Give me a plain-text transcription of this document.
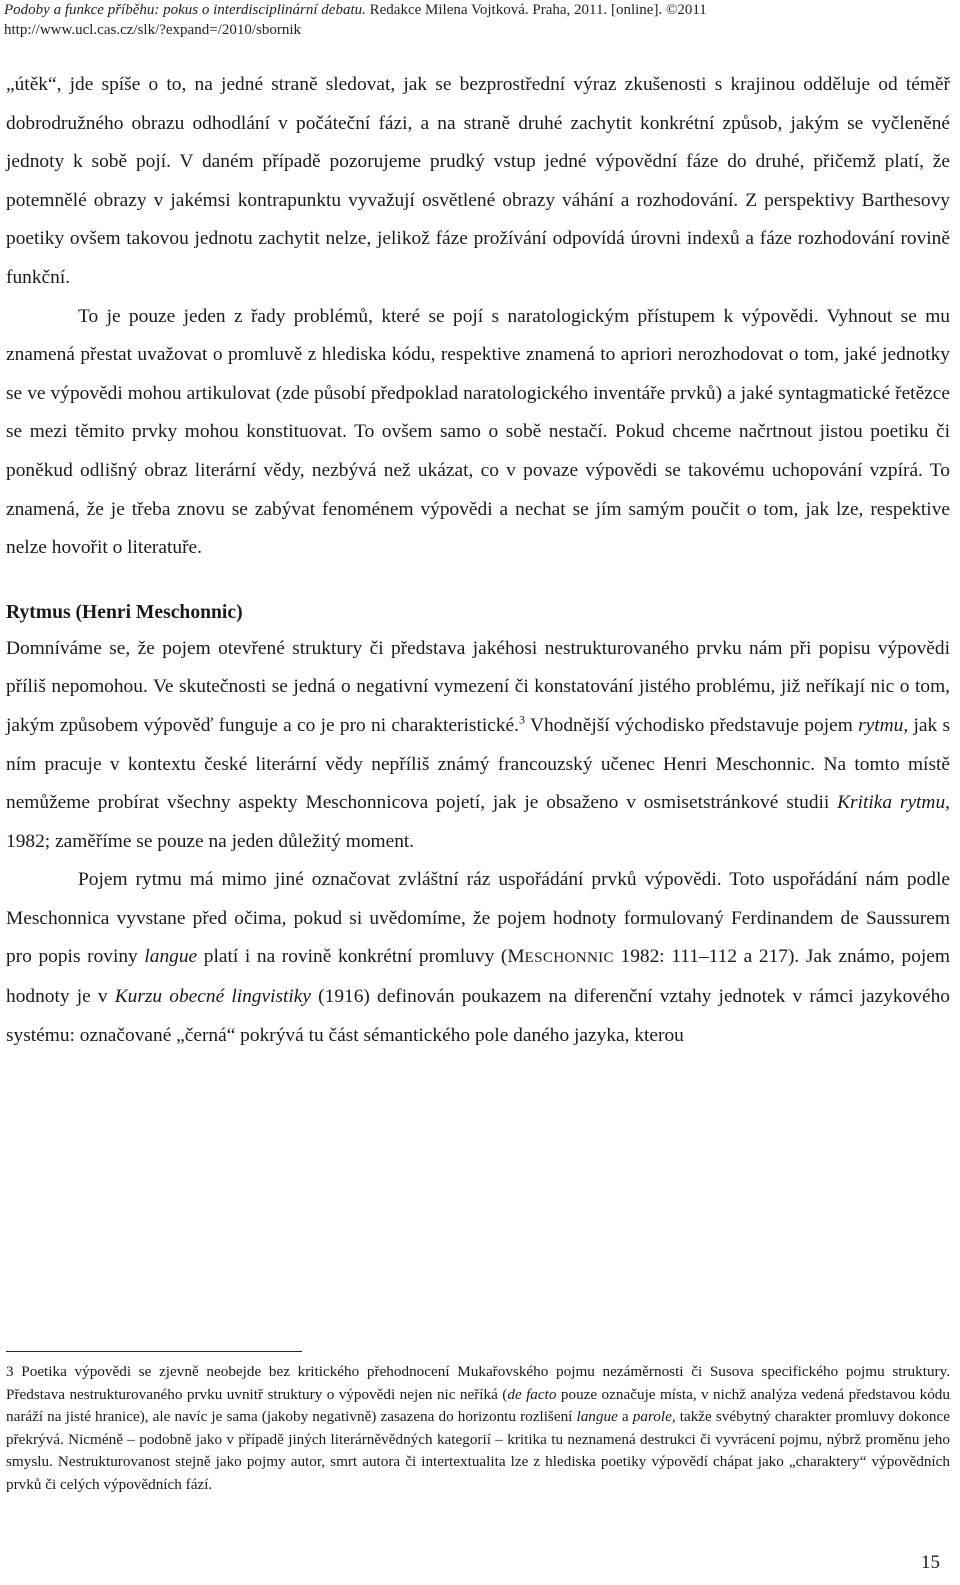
Podoby a funkce příběhu: pokus o interdisciplinární debatu. Redakce Milena Vojtková. Praha, 2011. [online]. ©2011
http://www.ucl.cas.cz/slk/?expand=/2010/sbornik

„útěk“, jde spíše o to, na jedné straně sledovat, jak se bezprostřední výraz zkušenosti s krajinou odděluje od téměř dobrodružného obrazu odhodlání v počáteční fázi, a na straně druhé zachytit konkrétní způsob, jakým se vyčleněné jednoty k sobě pojí. V daném případě pozorujeme prudký vstup jedné výpovědní fáze do druhé, přičemž platí, že potemnělé obrazy v jakémsi kontrapunktu vyvažují osvětlené obrazy váhání a rozhodování. Z perspektivy Barthesovy poetiky ovšem takovou jednotu zachytit nelze, jelikož fáze prožívání odpovídá úrovni indexů a fáze rozhodování rovině funkční.

To je pouze jeden z řady problémů, které se pojí s naratologickým přístupem k výpovědi. Vyhnout se mu znamená přestat uvažovat o promluvě z hlediska kódu, respektive znamená to apriori nerozhodovat o tom, jaké jednotky se ve výpovědi mohou artikulovat (zde působí předpoklad naratologického inventáře prvků) a jaké syntagmatické řetězce se mezi těmito prvky mohou konstituovat. To ovšem samo o sobě nestačí. Pokud chceme načrtnout jistou poetiku či poněkud odlišný obraz literární vědy, nezbývá než ukázat, co v povaze výpovědi se takovému uchopování vzpírá. To znamená, že je třeba znovu se zabývat fenoménem výpovědi a nechat se jím samým poučit o tom, jak lze, respektive nelze hovořit o literatuře.

Rytmus (Henri Meschonnic)

Domníváme se, že pojem otevřené struktury či představa jakéhosi nestrukturovaného prvku nám při popisu výpovědi příliš nepomohou. Ve skutečnosti se jedná o negativní vymezení či konstatování jistého problému, již neříkají nic o tom, jakým způsobem výpověď funguje a co je pro ni charakteristické.$^3$ Vhodnější východisko představuje pojem rytmu, jak s ním pracuje v kontextu české literární vědy nepříliš známý francouzský učenec Henri Meschonnic. Na tomto místě nemůžeme probírat všechny aspekty Meschonnicova pojetí, jak je obsaženo v osmisetstránkové studii Kritika rytmu, 1982; zaměříme se pouze na jeden důležitý moment.

Pojem rytmu má mimo jiné označovat zvláštní ráz uspořádání prvků výpovědi. Toto uspořádání nám podle Meschonnica vyvstane před očima, pokud si uvědomíme, že pojem hodnoty formulovaný Ferdinandem de Saussurem pro popis roviny langue platí i na rovině konkrétní promluvy (MESCHONNIC 1982: 111–112 a 217). Jak známo, pojem hodnoty je v Kurzu obecné lingvistiky (1916) definován poukazem na diferenční vztahy jednotek v rámci jazykového systému: označované „černá“ pokrývá tu část sémantického pole daného jazyka, kterou

3 Poetika výpovědi se zjevně neobejde bez kritického přehodnocení Mukařovského pojmu nezáměrnosti či Susova specifického pojmu struktury. Představa nestrukturovaného prvku uvnitř struktury o výpovědi nejen nic neříká (de facto pouze označuje místa, v nichž analýza vedená představou kódu naráží na jisté hranice), ale navíc je sama (jakoby negativně) zasazena do horizontu rozlišení langue a parole, takže svébytný charakter promluvy dokonce překrývá. Nicméně – podobně jako v případě jiných literárněvědných kategorií – kritika tu neznamená destrukci či vyvrácení pojmu, nýbrž proměnu jeho smyslu. Nestrukturovanost stejně jako pojmy autor, smrt autora či intertextualita lze z hlediska poetiky výpovědí chápat jako „charaktery“ výpovědních prvků či celých výpovědních fází.
15
